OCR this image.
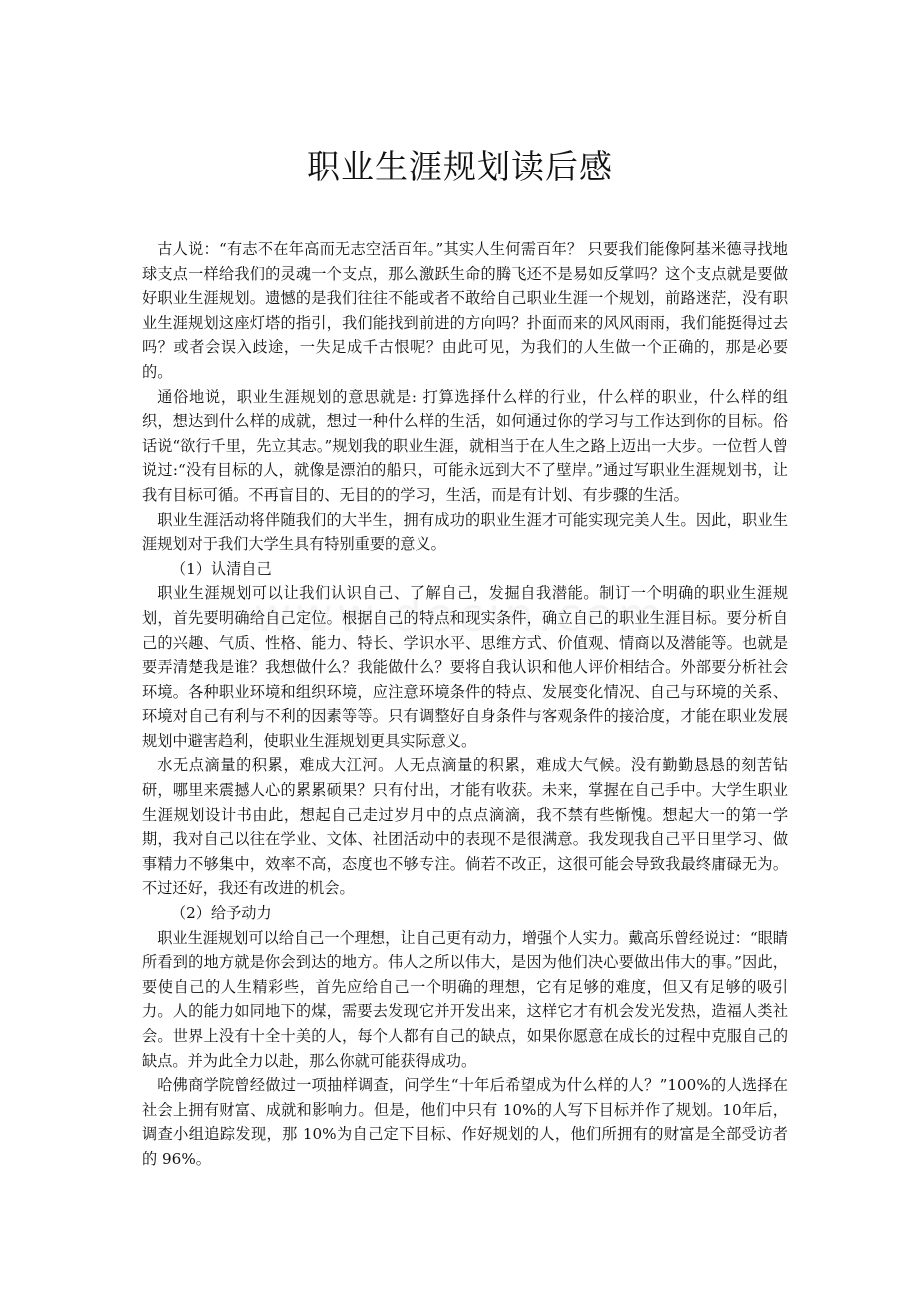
职业生涯规划读后感

古人说：“有志不在年高而无志空活百年。”其实人生何需百年？ 只要我们能像阿基米德寻找地球支点一样给我们的灵魂一个支点，那么激跃生命的腾飞还不是易如反掌吗？这个支点就是要做好职业生涯规划。遗憾的是我们往往不能或者不敢给自己职业生涯一个规划，前路迷茫，没有职业生涯规划这座灯塔的指引，我们能找到前进的方向吗？扑面而来的风风雨雨，我们能挺得过去吗？或者会误入歧途，一失足成千古恨呢？由此可见，为我们的人生做一个正确的，那是必要的。

通俗地说，职业生涯规划的意思就是: 打算选择什么样的行业，什么样的职业，什么样的组织，想达到什么样的成就，想过一种什么样的生活，如何通过你的学习与工作达到你的目标。俗话说“欲行千里，先立其志。”规划我的职业生涯，就相当于在人生之路上迈出一大步。一位哲人曾说过:“没有目标的人，就像是漂泊的船只，可能永远到大不了壁岸。”通过写职业生涯规划书，让我有目标可循。不再盲目的、无目的的学习，生活，而是有计划、有步骤的生活。

职业生涯活动将伴随我们的大半生，拥有成功的职业生涯才可能实现完美人生。因此，职业生涯规划对于我们大学生具有特别重要的意义。

（1）认清自己

职业生涯规划可以让我们认识自己、了解自己，发掘自我潜能。制订一个明确的职业生涯规划，首先要明确给自己定位。根据自己的特点和现实条件，确立自己的职业生涯目标。要分析自己的兴趣、气质、性格、能力、特长、学识水平、思维方式、价值观、情商以及潜能等。也就是要弄清楚我是谁？我想做什么？我能做什么？要将自我认识和他人评价相结合。外部要分析社会环境。各种职业环境和组织环境，应注意环境条件的特点、发展变化情况、自己与环境的关系、环境对自己有利与不利的因素等等。只有调整好自身条件与客观条件的接洽度，才能在职业发展规划中避害趋利，使职业生涯规划更具实际意义。

水无点滴量的积累，难成大江河。人无点滴量的积累，难成大气候。没有勤勤恳恳的刻苦钻研，哪里来震撼人心的累累硕果？只有付出，才能有收获。未来，掌握在自己手中。大学生职业生涯规划设计书由此，想起自己走过岁月中的点点滴滴，我不禁有些惭愧。想起大一的第一学期，我对自己以往在学业、文体、社团活动中的表现不是很满意。我发现我自己平日里学习、做事精力不够集中，效率不高，态度也不够专注。倘若不改正，这很可能会导致我最终庸碌无为。不过还好，我还有改进的机会。

（2）给予动力

职业生涯规划可以给自己一个理想，让自己更有动力，增强个人实力。戴高乐曾经说过：“眼睛所看到的地方就是你会到达的地方。伟人之所以伟大，是因为他们决心要做出伟大的事。”因此，要使自己的人生精彩些，首先应给自己一个明确的理想，它有足够的难度，但又有足够的吸引力。人的能力如同地下的煤，需要去发现它并开发出来，这样它才有机会发光发热，造福人类社会。世界上没有十全十美的人，每个人都有自己的缺点，如果你愿意在成长的过程中克服自己的缺点。并为此全力以赴，那么你就可能获得成功。

哈佛商学院曾经做过一项抽样调查，问学生“十年后希望成为什么样的人？”100%的人选择在社会上拥有财富、成就和影响力。但是，他们中只有 10%的人写下目标并作了规划。10年后，调查小组追踪发现，那 10%为自己定下目标、作好规划的人，他们所拥有的财富是全部受访者的 96%。
